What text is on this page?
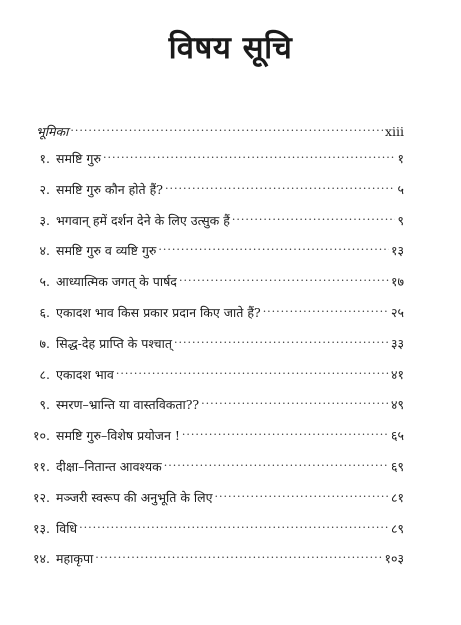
विषय सूचि
भूमिका .....	xiii
१. समष्टि गुरु .....	१
२. समष्टि गुरु कौन होते हैं? .....	५
३. भगवान् हमें दर्शन देने के लिए उत्सुक हैं .....	९
४. समष्टि गुरु व व्यष्टि गुरु .....	१३
५. आध्यात्मिक जगत् के पार्षद .....	१७
६. एकादश भाव किस प्रकार प्रदान किए जाते हैं? .....	२५
७. सिद्ध-देह प्राप्ति के पश्चात् .....	३३
८. एकादश भाव .....	४१
९. स्मरण–भ्रान्ति या वास्तविकता?? .....	४९
१०. समष्टि गुरु–विशेष प्रयोजन ! .....	६५
११. दीक्षा–नितान्त आवश्यक .....	६९
१२. मञ्जरी स्वरूप की अनुभूति के लिए .....	८१
१३. विधि .....	८९
१४. महाकृपा .....	१०३
